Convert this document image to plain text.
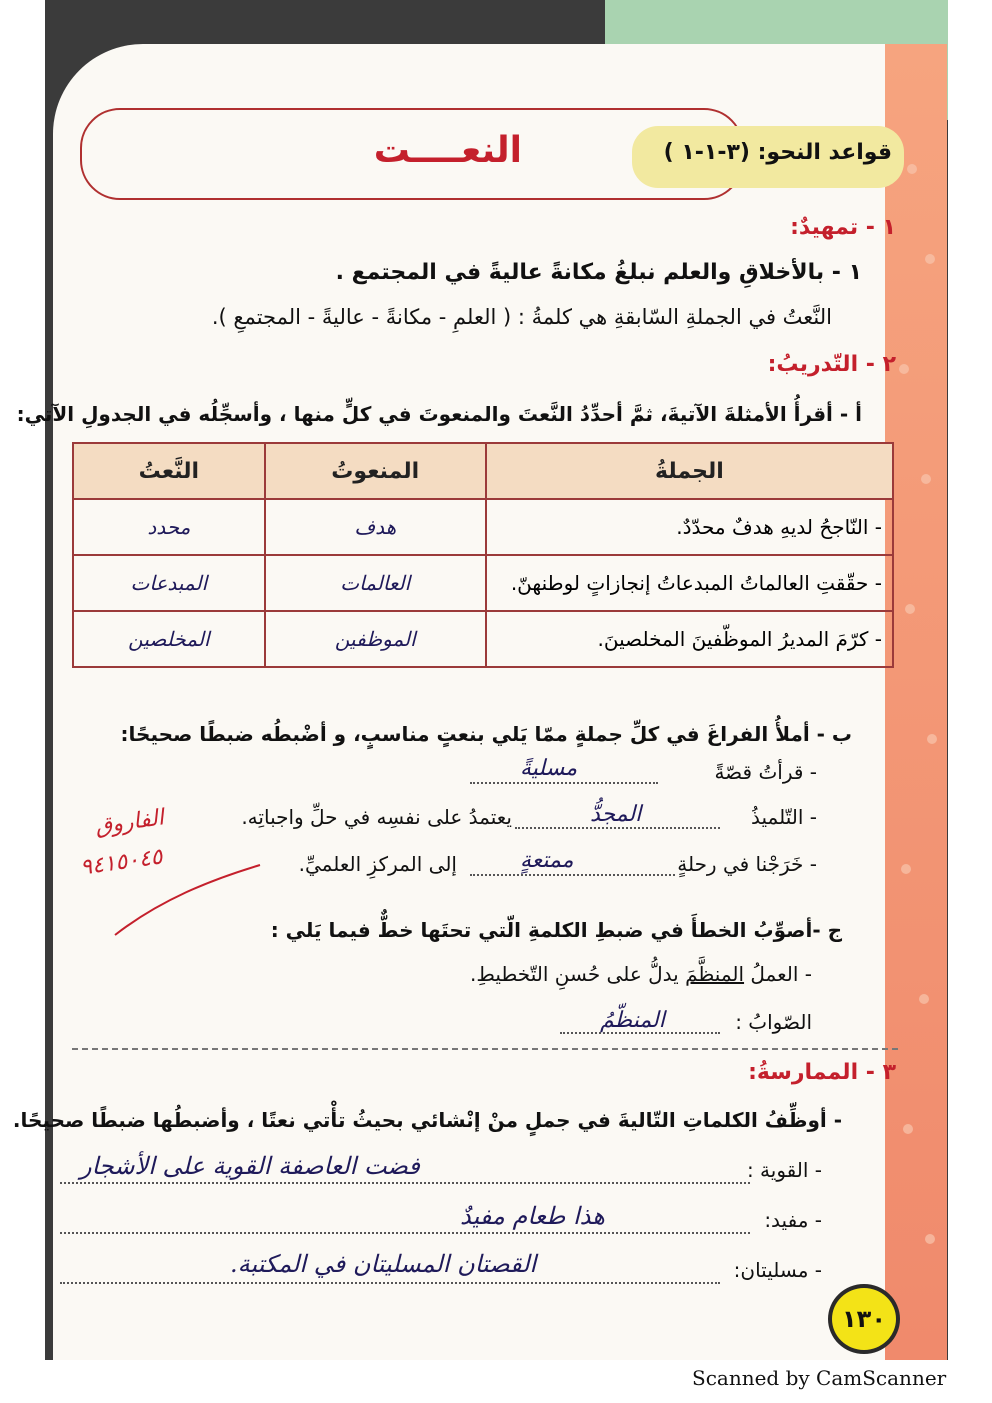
قواعد النحو: (٣-١-١ )
النعــــت
١ - تمهيدٌ:
١ - بالأخلاقِ والعلم نبلغُ مكانةً عاليةً في المجتمع .
النَّعتُ في الجملةِ السّابقةِ هي كلمةُ : ( العلمِ - مكانةً - عاليةً - المجتمعِ ).
٢ - التّدريبُ:
أ - أقرأُ الأمثلةَ الآتيةَ، ثمَّ أحدِّدُ النَّعتَ والمنعوتَ في كلٍّ منها ، وأسجِّلُه في الجدولِ الآتي:
الجملةُ	المنعوتُ	النَّعتُ
- النّاجحُ لديهِ هدفٌ محدّدٌ.	هدف	محدد
- حقّقتِ العالماتُ المبدعاتُ إنجازاتٍ لوطنهنّ.	العالمات	المبدعات
- كرّمَ المديرُ الموظّفينَ المخلصينَ.	الموظفين	المخلصين
ب - أملأُ الفراغَ في كلِّ جملةٍ ممّا يَلي بنعتٍ مناسبٍ، و أضْبطُه ضبطًا صحيحًا:
- قرأتُ قصّةً
مسليةً
- التّلميذُ
المجدُّ
يعتمدُ على نفسِه في حلِّ واجباتِه.
- خَرَجْنا في رحلةٍ
ممتعةٍ
إلى المركزِ العلميِّ.
الفاروق
٩٤١٥٠٤٥
ج -أصوِّبُ الخطأَ في ضبطِ الكلمةِ الّتي تحتَها خطٌّ فيما يَلي :
- العملُ المنظَّمَ يدلُّ على حُسنِ التّخطيطِ.
الصّوابُ :
المنظّمُ
٣ - الممارسةُ:
- أوظِّفُ الكلماتِ التّاليةَ في جملٍ منْ إنْشائي بحيثُ تأْتي نعتًا ، وأضبطُها ضبطًا صحيحًا.
- القوية :
فضت العاصفة القوية على الأشجار
- مفيد:
هذا طعام مفيدٌ
- مسليتان:
القصتان المسليتان في المكتبة.
١٣٠
Scanned by CamScanner
